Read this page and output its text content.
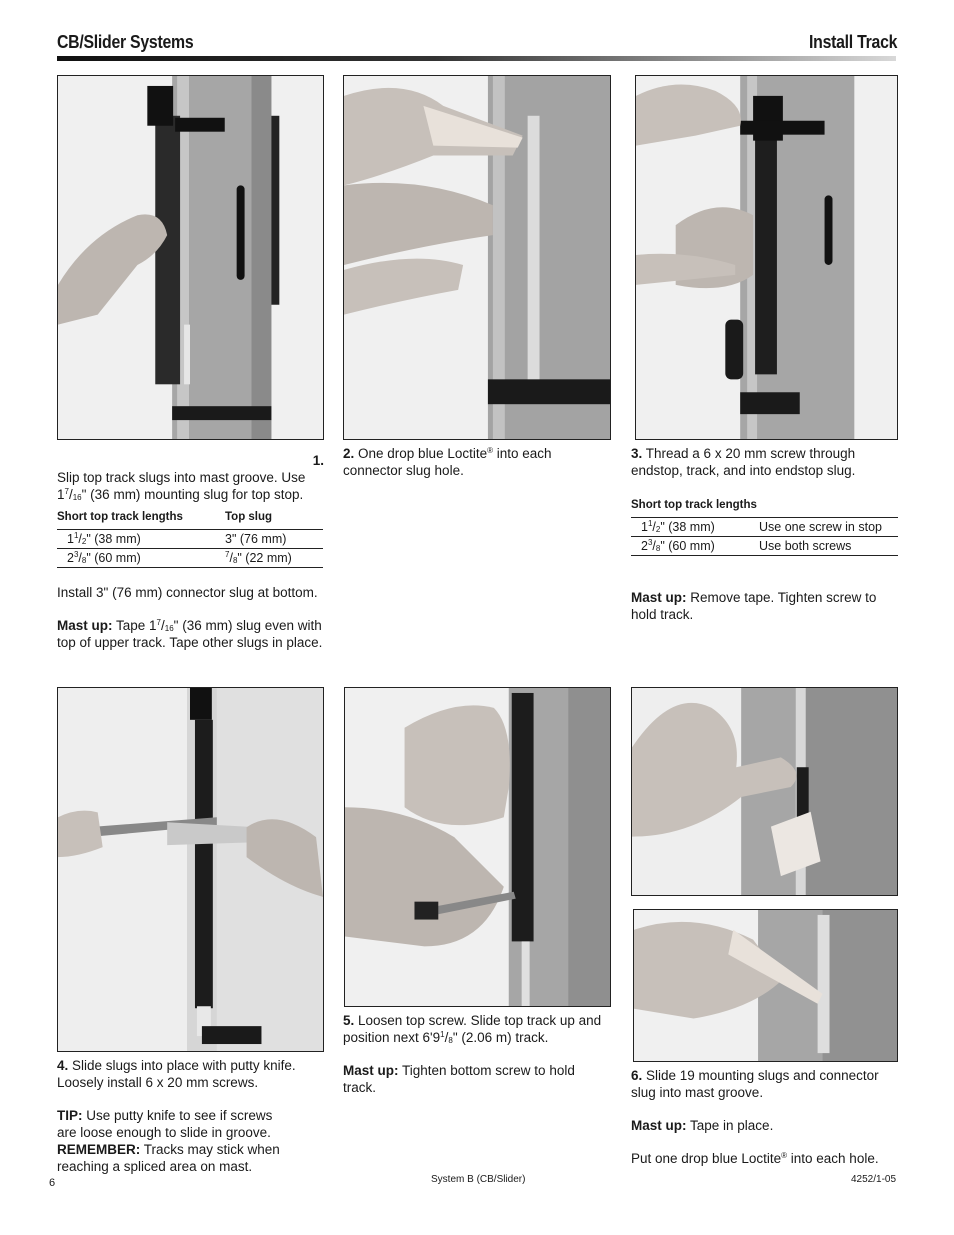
CB/Slider Systems	Install Track
1.
Slip top track slugs into mast groove. Use $1^7/_{16}$" (36 mm) mounting slug for top stop.
Short top track lengths	Top slug
$1^1/_2$" (38 mm)	3" (76 mm)
$2^3/_8$" (60 mm)	$^7/_8$" (22 mm)
Install 3" (76 mm) connector slug at bottom.
Mast up: Tape $1^7/_{16}$" (36 mm) slug even with top of upper track. Tape other slugs in place.
2. One drop blue Loctite® into each connector slug hole.
3. Thread a 6 x 20 mm screw through endstop, track, and into endstop slug.
Short top track lengths	
$1^1/_2$" (38 mm)	Use one screw in stop
$2^3/_8$" (60 mm)	Use both screws
Mast up: Remove tape. Tighten screw to hold track.
4. Slide slugs into place with putty knife. Loosely install 6 x 20 mm screws.
TIP: Use putty knife to see if screws are loose enough to slide in groove.
REMEMBER: Tracks may stick when reaching a spliced area on mast.
5. Loosen top screw. Slide top track up and position next $6'9^1/_8$" (2.06 m) track.
Mast up: Tighten bottom screw to hold track.
6. Slide 19 mounting slugs and connector slug into mast groove.
Mast up: Tape in place.
Put one drop blue Loctite® into each hole.
6	System B (CB/Slider)	4252/1-05
